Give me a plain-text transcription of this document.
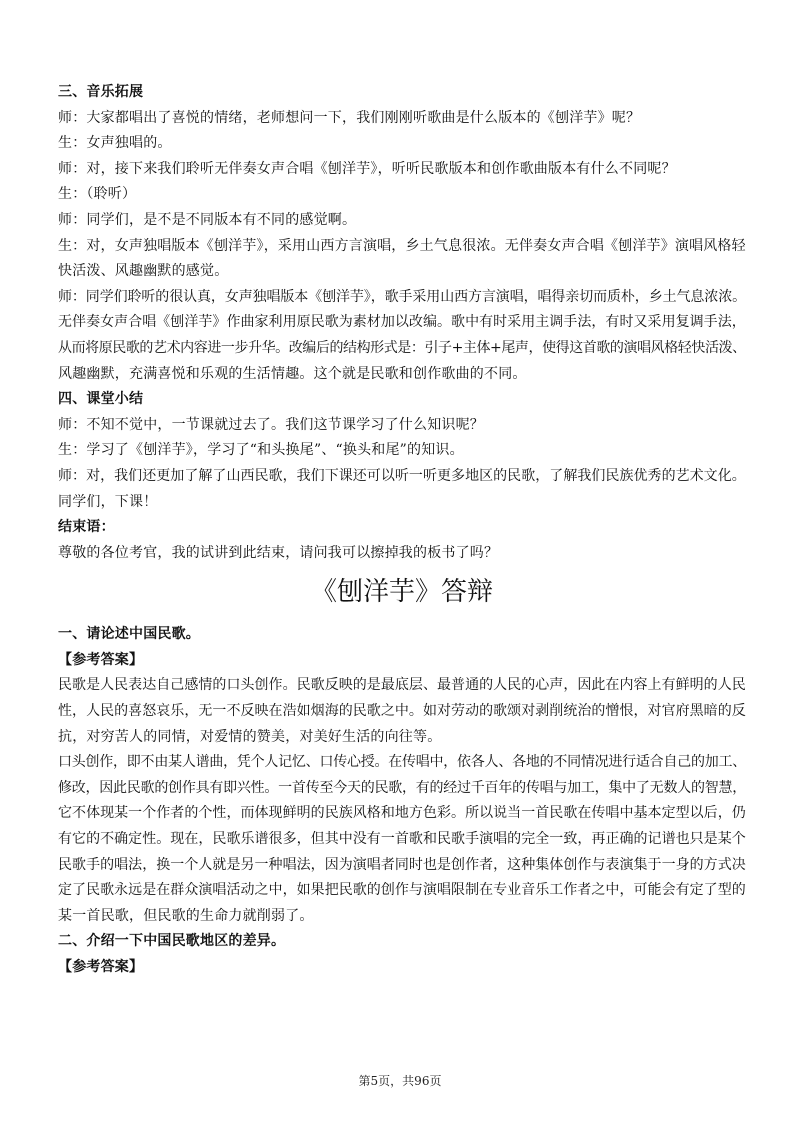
三、音乐拓展
师：大家都唱出了喜悦的情绪，老师想问一下，我们刚刚听歌曲是什么版本的《刨洋芋》呢？
生：女声独唱的。
师：对，接下来我们聆听无伴奏女声合唱《刨洋芋》，听听民歌版本和创作歌曲版本有什么不同呢？
生：（聆听）
师：同学们，是不是不同版本有不同的感觉啊。
生：对，女声独唱版本《刨洋芋》，采用山西方言演唱，乡土气息很浓。无伴奏女声合唱《刨洋芋》演唱风格轻
快活泼、风趣幽默的感觉。
师：同学们聆听的很认真，女声独唱版本《刨洋芋》，歌手采用山西方言演唱，唱得亲切而质朴，乡土气息浓浓。
无伴奏女声合唱《刨洋芋》作曲家利用原民歌为素材加以改编。歌中有时采用主调手法，有时又采用复调手法，
从而将原民歌的艺术内容进一步升华。改编后的结构形式是：引子+主体+尾声，使得这首歌的演唱风格轻快活泼、
风趣幽默，充满喜悦和乐观的生活情趣。这个就是民歌和创作歌曲的不同。
四、课堂小结
师：不知不觉中，一节课就过去了。我们这节课学习了什么知识呢？
生：学习了《刨洋芋》，学习了“和头换尾”、“换头和尾”的知识。
师：对，我们还更加了解了山西民歌，我们下课还可以听一听更多地区的民歌，了解我们民族优秀的艺术文化。
同学们，下课！
结束语：
尊敬的各位考官，我的试讲到此结束，请问我可以擦掉我的板书了吗？
《刨洋芋》答辩
一、请论述中国民歌。
【参考答案】
民歌是人民表达自己感情的口头创作。民歌反映的是最底层、最普通的人民的心声，因此在内容上有鲜明的人民
性，人民的喜怒哀乐，无一不反映在浩如烟海的民歌之中。如对劳动的歌颂对剥削统治的憎恨，对官府黑暗的反
抗，对穷苦人的同情，对爱情的赞美，对美好生活的向往等。
口头创作，即不由某人谱曲，凭个人记忆、口传心授。在传唱中，依各人、各地的不同情况进行适合自己的加工、
修改，因此民歌的创作具有即兴性。一首传至今天的民歌，有的经过千百年的传唱与加工，集中了无数人的智慧，
它不体现某一个作者的个性，而体现鲜明的民族风格和地方色彩。所以说当一首民歌在传唱中基本定型以后，仍
有它的不确定性。现在，民歌乐谱很多，但其中没有一首歌和民歌手演唱的完全一致，再正确的记谱也只是某个
民歌手的唱法，换一个人就是另一种唱法，因为演唱者同时也是创作者，这种集体创作与表演集于一身的方式决
定了民歌永远是在群众演唱活动之中，如果把民歌的创作与演唱限制在专业音乐工作者之中，可能会有定了型的
某一首民歌，但民歌的生命力就削弱了。
二、介绍一下中国民歌地区的差异。
【参考答案】
第5页，共96页
